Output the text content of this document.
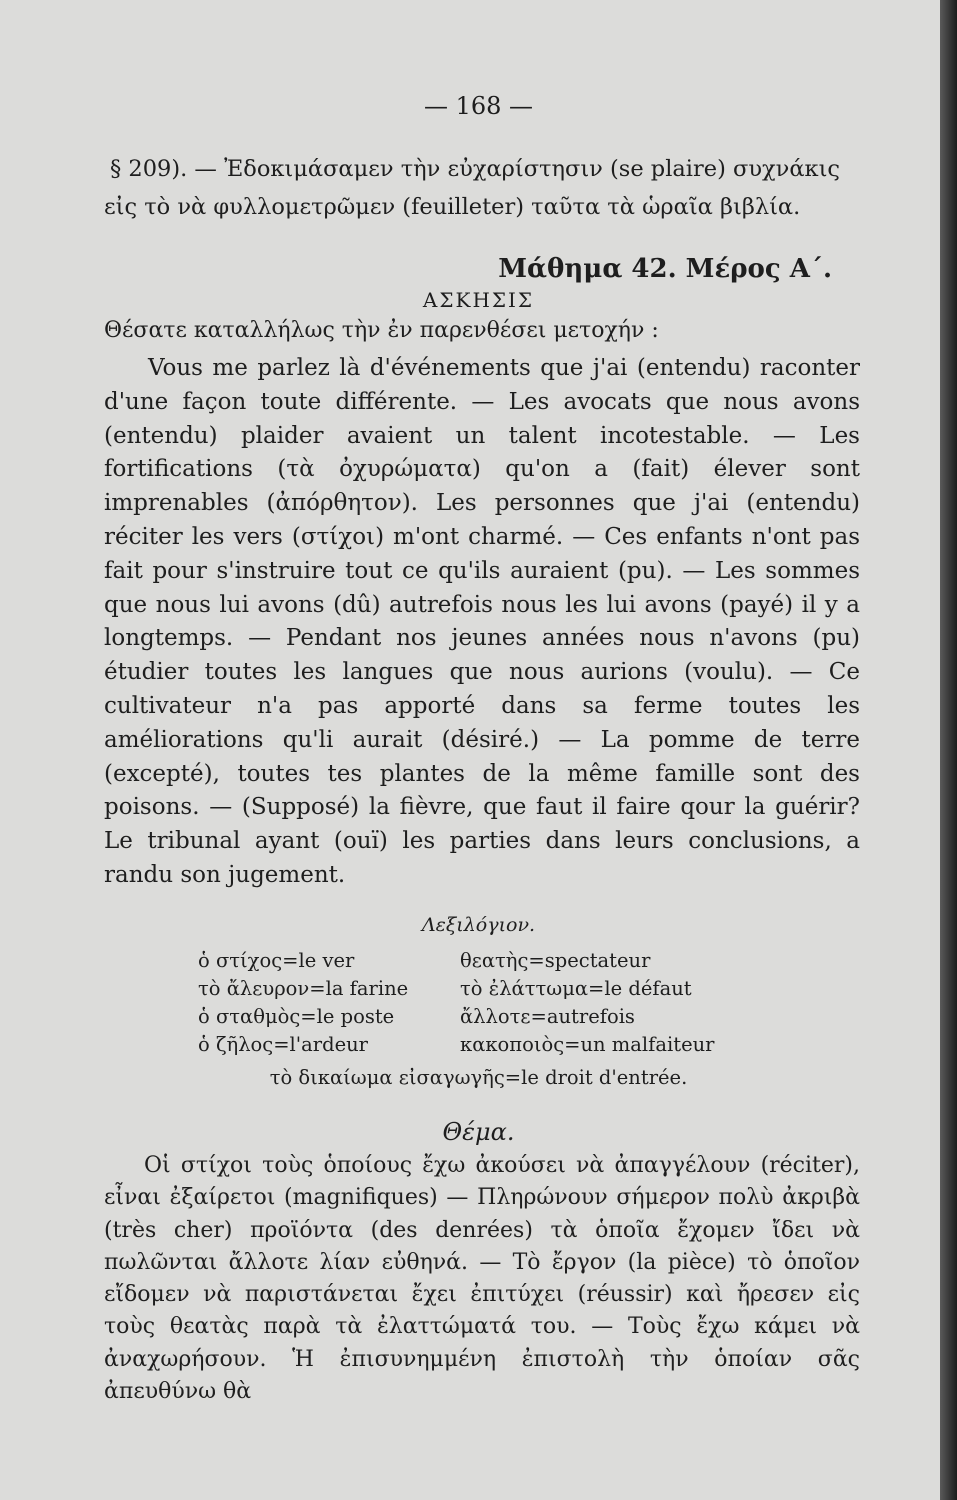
— 168 —
§ 209). — Ἐδοκιμάσαμεν τὴν εὐχαρίστησιν (se plaire) συχνάκις εἰς τὸ νὰ φυλλομετρῶμεν (feuilleter) ταῦτα τὰ ὡραῖα βιβλία.
Μάθημα 42. Μέρος Α΄.
ΑΣΚΗΣΙΣ
Θέσατε καταλλήλως τὴν ἐν παρενθέσει μετοχήν :
Vous me parlez là d'événements que j'ai (entendu) raconter d'une façon toute différente. — Les avocats que nous avons (entendu) plaider avaient un talent incotestable. — Les fortifications (τὰ ὀχυρώματα) qu'on a (fait) élever sont imprenables (ἀπόρθητον). Les personnes que j'ai (entendu) réciter les vers (στίχοι) m'ont charmé. — Ces enfants n'ont pas fait pour s'instruire tout ce qu'ils auraient (pu). — Les sommes que nous lui avons (dû) autrefois nous les lui avons (payé) il y a longtemps. — Pendant nos jeunes années nous n'avons (pu) étudier toutes les langues que nous aurions (voulu). — Ce cultivateur n'a pas apporté dans sa ferme toutes les améliorations qu'li aurait (désiré.) — La pomme de terre (excepté), toutes tes plantes de la même famille sont des poisons. — (Supposé) la fièvre, que faut il faire qour la guérir? Le tribunal ayant (ouï) les parties dans leurs conclusions, a randu son jugement.
Λεξιλόγιον.
ὁ στίχος=le ver	θεατὴς=spectateur
τὸ ἄλευρον=la farine	τὸ ἐλάττωμα=le défaut
ὁ σταθμὸς=le poste	ἄλλοτε=autrefois
ὁ ζῆλος=l'ardeur	κακοποιὸς=un malfaiteur
τὸ δικαίωμα εἰσαγωγῆς=le droit d'entrée.
Θέμα.
Οἱ στίχοι τοὺς ὁποίους ἔχω ἀκούσει νὰ ἀπαγγέλουν (réciter), εἶναι ἐξαίρετοι (magnifiques) — Πληρώνουν σήμερον πολὺ ἀκριβὰ (très cher) προϊόντα (des denrées) τὰ ὁποῖα ἔχομεν ἴδει νὰ πωλῶνται ἄλλοτε λίαν εὐθηνά. — Τὸ ἔργον (la pièce) τὸ ὁποῖον εἴδομεν νὰ παριστάνεται ἔχει ἐπιτύχει (réussir) καὶ ἤρεσεν εἰς τοὺς θεατὰς παρὰ τὰ ἐλαττώματά του. — Τοὺς ἔχω κάμει νὰ ἀναχωρήσουν. Ἡ ἐπισυνημμένη ἐπιστολὴ τὴν ὁποίαν σᾶς ἀπευθύνω θὰ
